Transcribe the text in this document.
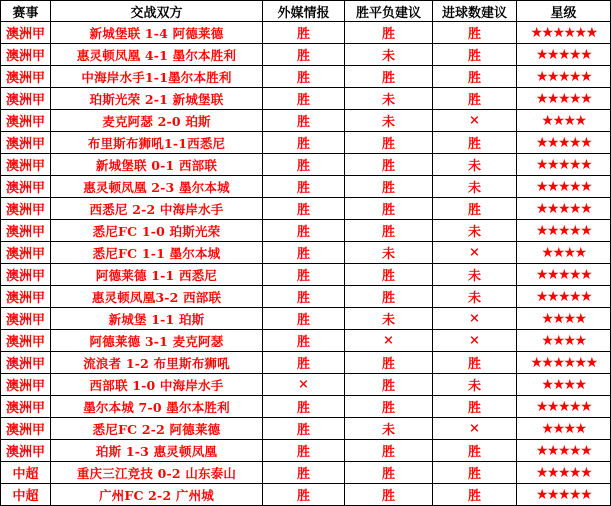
赛事	交战双方	外媒情报	胜平负建议	进球数建议	星级
澳洲甲	新城堡联 1-4 阿德莱德	胜	胜	胜	★★★★★★
澳洲甲	惠灵顿凤凰 4-1 墨尔本胜利	胜	未	胜	★★★★★
澳洲甲	中海岸水手1-1墨尔本胜利	胜	胜	胜	★★★★★
澳洲甲	珀斯光荣 2-1 新城堡联	胜	未	胜	★★★★★
澳洲甲	麦克阿瑟 2-0 珀斯	胜	未	×	★★★★
澳洲甲	布里斯布狮吼1-1西悉尼	胜	胜	胜	★★★★★
澳洲甲	新城堡联 0-1 西部联	胜	胜	未	★★★★★
澳洲甲	惠灵顿凤凰 2-3 墨尔本城	胜	胜	未	★★★★★
澳洲甲	西悉尼 2-2 中海岸水手	胜	胜	胜	★★★★★
澳洲甲	悉尼FC 1-0 珀斯光荣	胜	胜	未	★★★★★
澳洲甲	悉尼FC 1-1 墨尔本城	胜	未	×	★★★★
澳洲甲	阿德莱德 1-1 西悉尼	胜	胜	未	★★★★★
澳洲甲	惠灵顿凤凰3-2 西部联	胜	胜	未	★★★★★
澳洲甲	新城堡 1-1 珀斯	胜	未	×	★★★★
澳洲甲	阿德莱德 3-1 麦克阿瑟	胜	×	×	★★★★
澳洲甲	流浪者 1-2 布里斯布狮吼	胜	胜	胜	★★★★★★
澳洲甲	西部联 1-0 中海岸水手	×	胜	未	★★★★
澳洲甲	墨尔本城 7-0 墨尔本胜利	胜	胜	胜	★★★★★
澳洲甲	悉尼FC 2-2 阿德莱德	胜	未	×	★★★★
澳洲甲	珀斯 1-3 惠灵顿凤凰	胜	胜	胜	★★★★★
中超	重庆三江竞技 0-2 山东泰山	胜	胜	胜	★★★★★
中超	广州FC 2-2 广州城	胜	胜	胜	★★★★★
